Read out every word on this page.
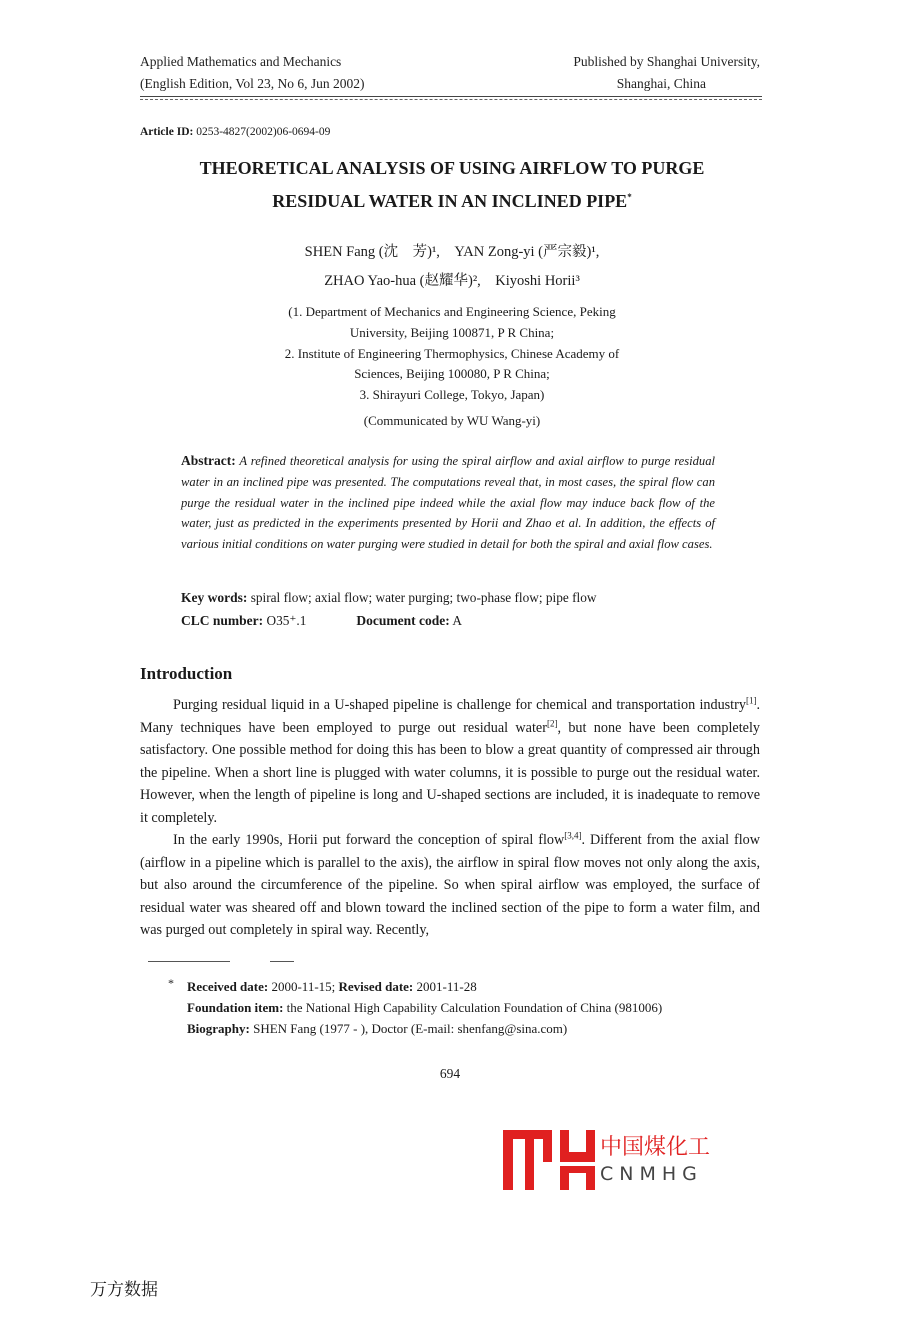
Applied Mathematics and Mechanics
(English Edition, Vol 23, No 6, Jun 2002)
Published by Shanghai University,
Shanghai, China
Article ID: 0253-4827(2002)06-0694-09
THEORETICAL ANALYSIS OF USING AIRFLOW TO PURGE
RESIDUAL WATER IN AN INCLINED PIPE*
SHEN Fang (沈　芳)¹,　YAN Zong-yi (严宗毅)¹,
ZHAO Yao-hua (赵耀华)²,　Kiyoshi Horii³
(1. Department of Mechanics and Engineering Science, Peking
University, Beijing 100871, P R China;
2. Institute of Engineering Thermophysics, Chinese Academy of
Sciences, Beijing 100080, P R China;
3. Shirayuri College, Tokyo, Japan)
(Communicated by WU Wang-yi)
Abstract: A refined theoretical analysis for using the spiral airflow and axial airflow to purge residual water in an inclined pipe was presented. The computations reveal that, in most cases, the spiral flow can purge the residual water in the inclined pipe indeed while the axial flow may induce back flow of the water, just as predicted in the experiments presented by Horii and Zhao et al. In addition, the effects of various initial conditions on water purging were studied in detail for both the spiral and axial flow cases.
Key words: spiral flow; axial flow; water purging; two-phase flow; pipe flow
CLC number: O35⁺.1	Document code: A
Introduction

Purging residual liquid in a U-shaped pipeline is challenge for chemical and transportation industry[1]. Many techniques have been employed to purge out residual water[2], but none have been completely satisfactory. One possible method for doing this has been to blow a great quantity of compressed air through the pipeline. When a short line is plugged with water columns, it is possible to purge out the residual water. However, when the length of pipeline is long and U-shaped sections are included, it is inadequate to remove it completely.

In the early 1990s, Horii put forward the conception of spiral flow[3,4]. Different from the axial flow (airflow in a pipeline which is parallel to the axis), the airflow in spiral flow moves not only along the axis, but also around the circumference of the pipeline. So when spiral airflow was employed, the surface of residual water was sheared off and blown toward the inclined section of the pipe to form a water film, and was purged out completely in spiral way. Recently,

* Received date: 2000-11-15; Revised date: 2001-11-28
Foundation item: the National High Capability Calculation Foundation of China (981006)
Biography: SHEN Fang (1977 - ), Doctor (E-mail: shenfang@sina.com)
694
中国煤化工
CNMHG
万方数据
